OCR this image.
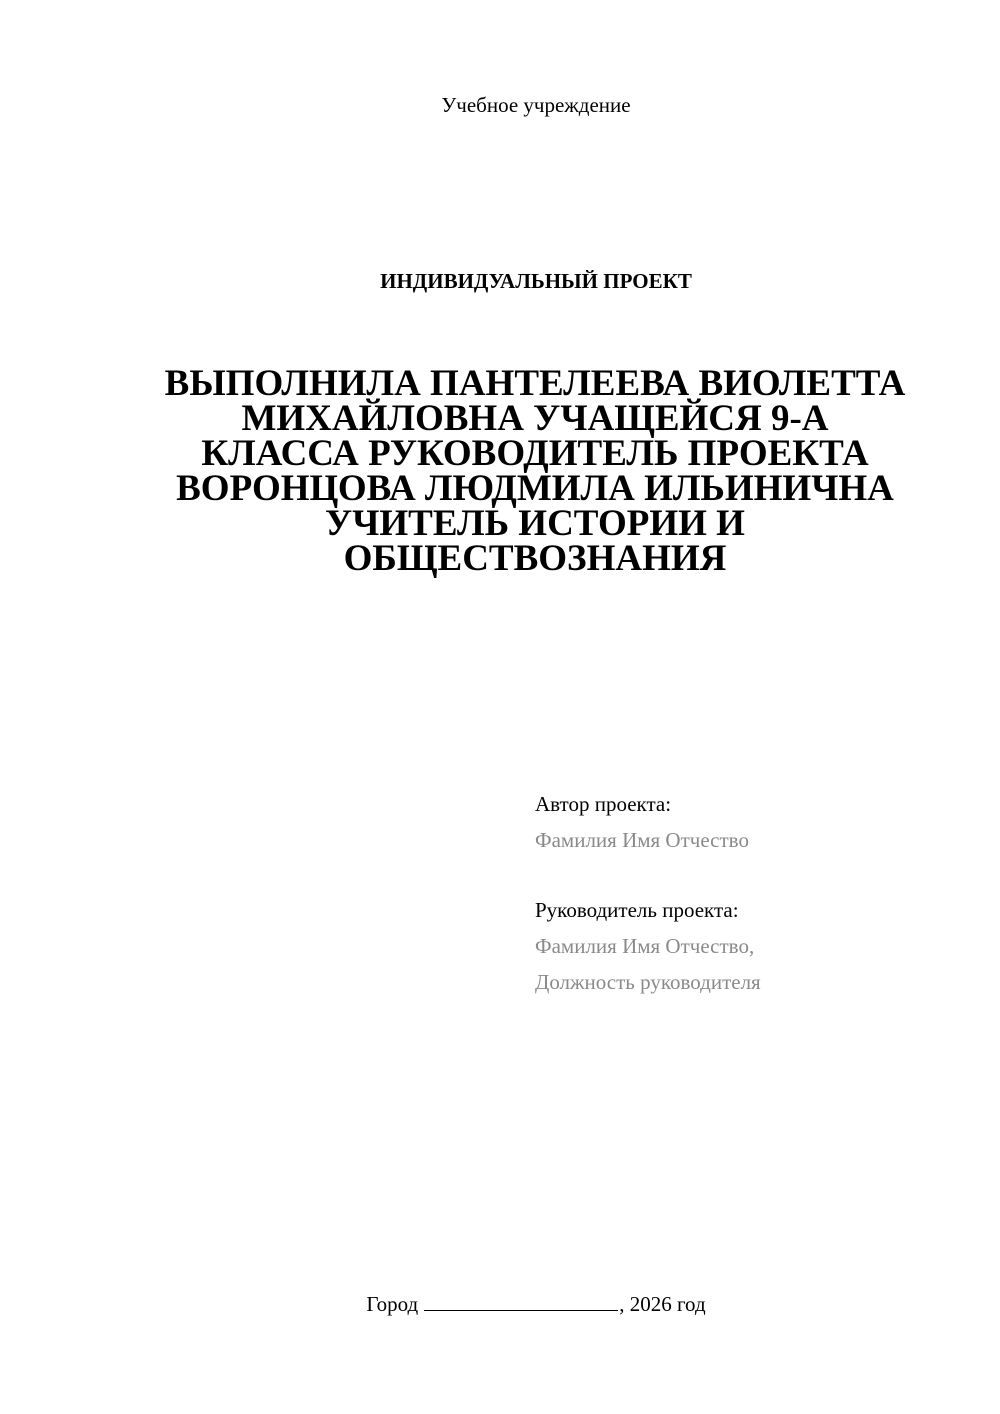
Учебное учреждение
ИНДИВИДУАЛЬНЫЙ ПРОЕКТ
ВЫПОЛНИЛА ПАНТЕЛЕЕВА ВИОЛЕТТА
МИХАЙЛОВНА УЧАЩЕЙСЯ 9-А
КЛАССА РУКОВОДИТЕЛЬ ПРОЕКТА
ВОРОНЦОВА ЛЮДМИЛА ИЛЬИНИЧНА
УЧИТЕЛЬ ИСТОРИИ И
ОБЩЕСТВОЗНАНИЯ
Автор проекта:
Фамилия Имя Отчество
Руководитель проекта:
Фамилия Имя Отчество,
Должность руководителя
Город	, 2026 год
